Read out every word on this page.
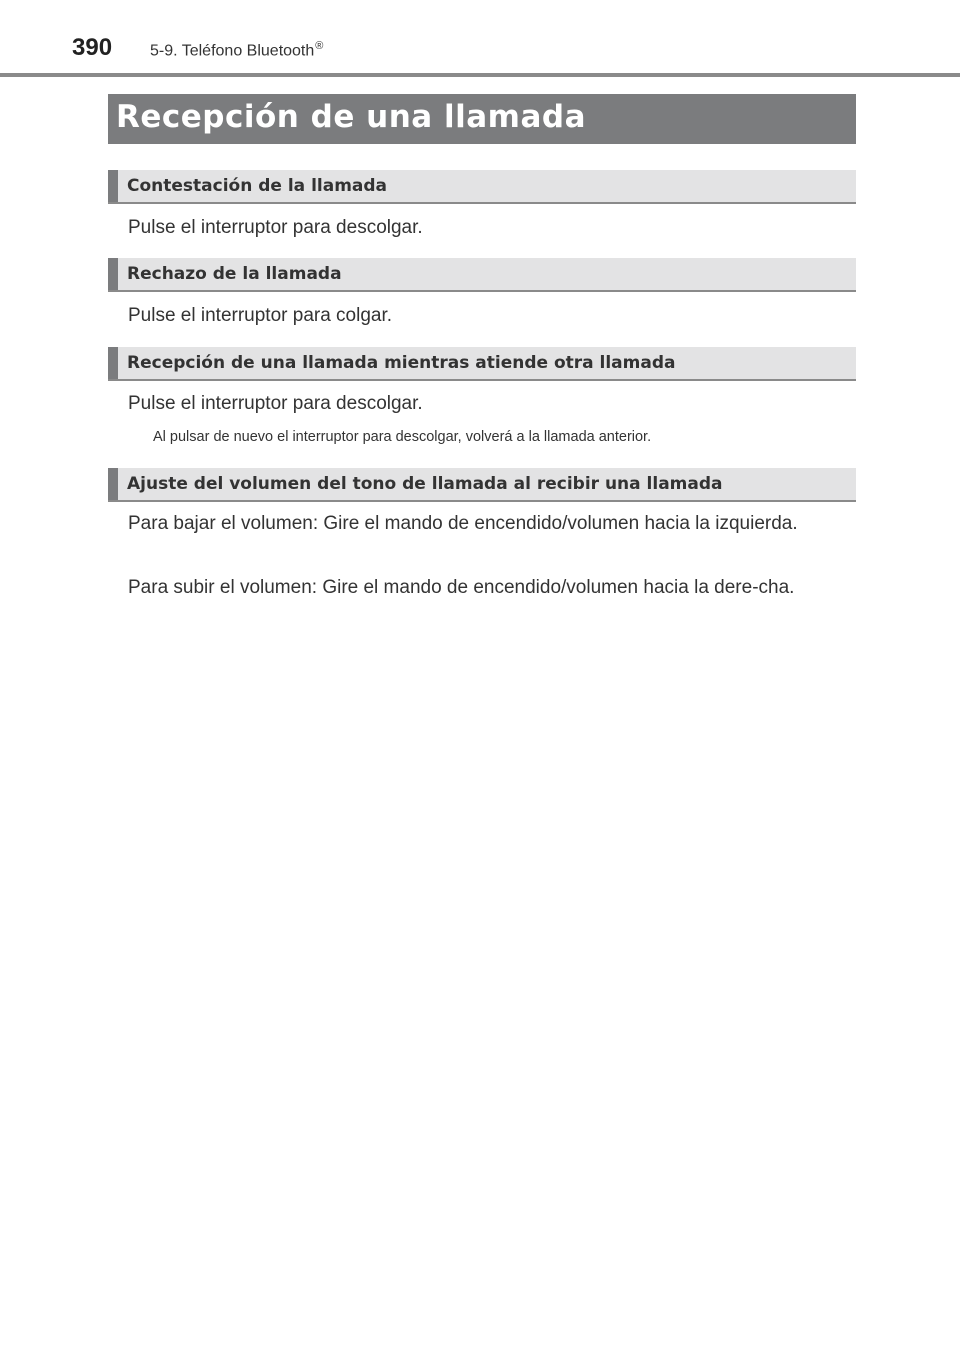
390 5-9. Teléfono Bluetooth®
Recepción de una llamada
Contestación de la llamada

Pulse el interruptor para descolgar.

Rechazo de la llamada

Pulse el interruptor para colgar.

Recepción de una llamada mientras atiende otra llamada

Pulse el interruptor para descolgar.

Al pulsar de nuevo el interruptor para descolgar, volverá a la llamada anterior.

Ajuste del volumen del tono de llamada al recibir una llamada

Para bajar el volumen: Gire el mando de encendido/volumen hacia la izquierda.

Para subir el volumen: Gire el mando de encendido/volumen hacia la dere-cha.
